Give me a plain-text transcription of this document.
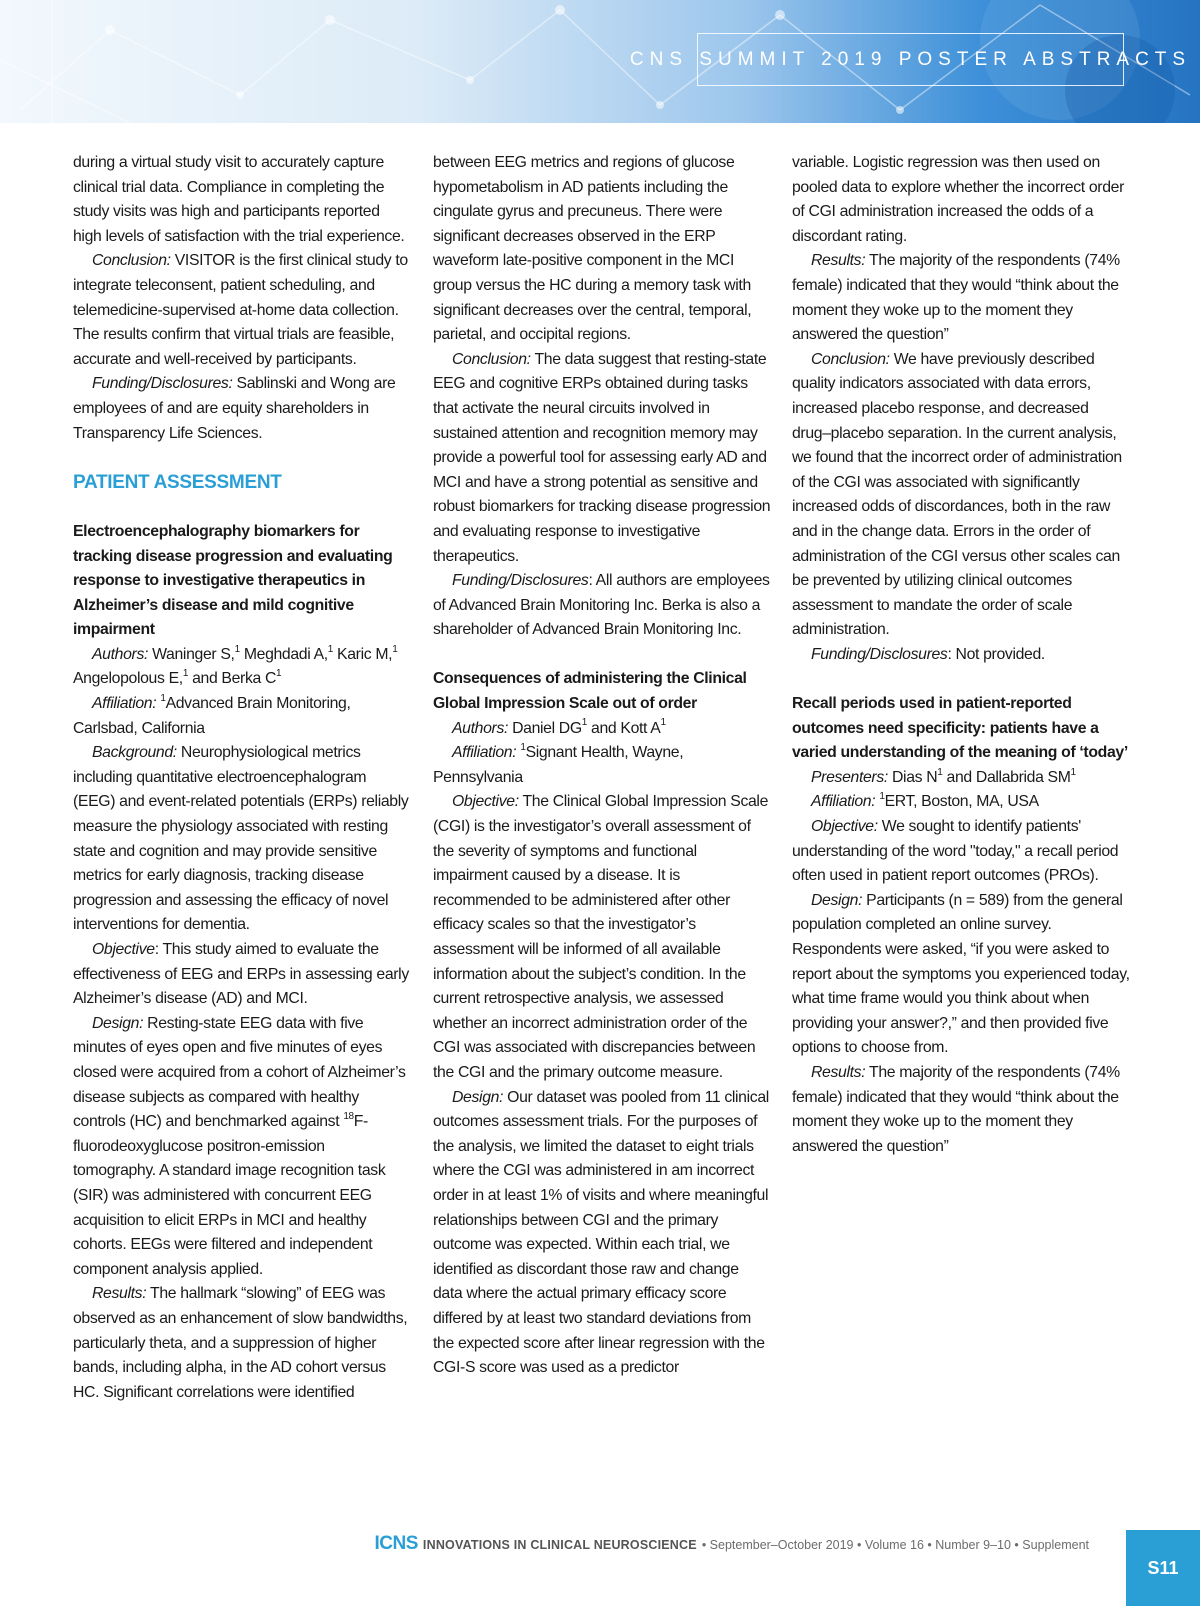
CNS SUMMIT 2019 POSTER ABSTRACTS

during a virtual study visit to accurately capture clinical trial data. Compliance in completing the study visits was high and participants reported high levels of satisfaction with the trial experience.

Conclusion: VISITOR is the first clinical study to integrate teleconsent, patient scheduling, and telemedicine-supervised at-home data collection. The results confirm that virtual trials are feasible, accurate and well-received by participants.

Funding/Disclosures: Sablinski and Wong are employees of and are equity shareholders in Transparency Life Sciences.

PATIENT ASSESSMENT

Electroencephalography biomarkers for tracking disease progression and evaluating response to investigative therapeutics in Alzheimer’s disease and mild cognitive impairment

Authors: Waninger S,$^1$ Meghdadi A,$^1$ Karic M,$^1$ Angelopolous E,$^1$ and Berka $C^1$

Affiliation: $^1$Advanced Brain Monitoring, Carlsbad, California

Background: Neurophysiological metrics including quantitative electroencephalogram (EEG) and event-related potentials (ERPs) reliably measure the physiology associated with resting state and cognition and may provide sensitive metrics for early diagnosis, tracking disease progression and assessing the efficacy of novel interventions for dementia.

Objective: This study aimed to evaluate the effectiveness of EEG and ERPs in assessing early Alzheimer’s disease (AD) and MCI.

Design: Resting-state EEG data with five minutes of eyes open and five minutes of eyes closed were acquired from a cohort of Alzheimer’s disease subjects as compared with healthy controls (HC) and benchmarked against $^{18}$F-fluorodeoxyglucose positron-emission tomography. A standard image recognition task (SIR) was administered with concurrent EEG acquisition to elicit ERPs in MCI and healthy cohorts. EEGs were filtered and independent component analysis applied.

Results: The hallmark “slowing” of EEG was observed as an enhancement of slow bandwidths, particularly theta, and a suppression of higher bands, including alpha, in the AD cohort versus HC. Significant correlations were identified

between EEG metrics and regions of glucose hypometabolism in AD patients including the cingulate gyrus and precuneus. There were significant decreases observed in the ERP waveform late-positive component in the MCI group versus the HC during a memory task with significant decreases over the central, temporal, parietal, and occipital regions.

Conclusion: The data suggest that resting-state EEG and cognitive ERPs obtained during tasks that activate the neural circuits involved in sustained attention and recognition memory may provide a powerful tool for assessing early AD and MCI and have a strong potential as sensitive and robust biomarkers for tracking disease progression and evaluating response to investigative therapeutics.

Funding/Disclosures: All authors are employees of Advanced Brain Monitoring Inc. Berka is also a shareholder of Advanced Brain Monitoring Inc.

Consequences of administering the Clinical Global Impression Scale out of order

Authors: Daniel $DG^1$ and Kott $A^1$

Affiliation: $^1$Signant Health, Wayne, Pennsylvania

Objective: The Clinical Global Impression Scale (CGI) is the investigator’s overall assessment of the severity of symptoms and functional impairment caused by a disease. It is recommended to be administered after other efficacy scales so that the investigator’s assessment will be informed of all available information about the subject’s condition. In the current retrospective analysis, we assessed whether an incorrect administration order of the CGI was associated with discrepancies between the CGI and the primary outcome measure.

Design: Our dataset was pooled from 11 clinical outcomes assessment trials. For the purposes of the analysis, we limited the dataset to eight trials where the CGI was administered in am incorrect order in at least 1% of visits and where meaningful relationships between CGI and the primary outcome was expected. Within each trial, we identified as discordant those raw and change data where the actual primary efficacy score differed by at least two standard deviations from the expected score after linear regression with the CGI-S score was used as a predictor

variable. Logistic regression was then used on pooled data to explore whether the incorrect order of CGI administration increased the odds of a discordant rating.

Results: The majority of the respondents (74% female) indicated that they would “think about the moment they woke up to the moment they answered the question”

Conclusion: We have previously described quality indicators associated with data errors, increased placebo response, and decreased drug–placebo separation. In the current analysis, we found that the incorrect order of administration of the CGI was associated with significantly increased odds of discordances, both in the raw and in the change data. Errors in the order of administration of the CGI versus other scales can be prevented by utilizing clinical outcomes assessment to mandate the order of scale administration.

Funding/Disclosures: Not provided.

Recall periods used in patient-reported outcomes need specificity: patients have a varied understanding of the meaning of ‘today’

Presenters: Dias $N^1$ and Dallabrida $SM^1$

Affiliation: $^1$ERT, Boston, MA, USA

Objective: We sought to identify patients' understanding of the word "today," a recall period often used in patient report outcomes (PROs).

Design: Participants (n = 589) from the general population completed an online survey. Respondents were asked, “if you were asked to report about the symptoms you experienced today, what time frame would you think about when providing your answer?,” and then provided five options to choose from.

Results: The majority of the respondents (74% female) indicated that they would “think about the moment they woke up to the moment they answered the question”

ICNS INNOVATIONS IN CLINICAL NEUROSCIENCE • September–October 2019 • Volume 16 • Number 9–10 • Supplement
S11
